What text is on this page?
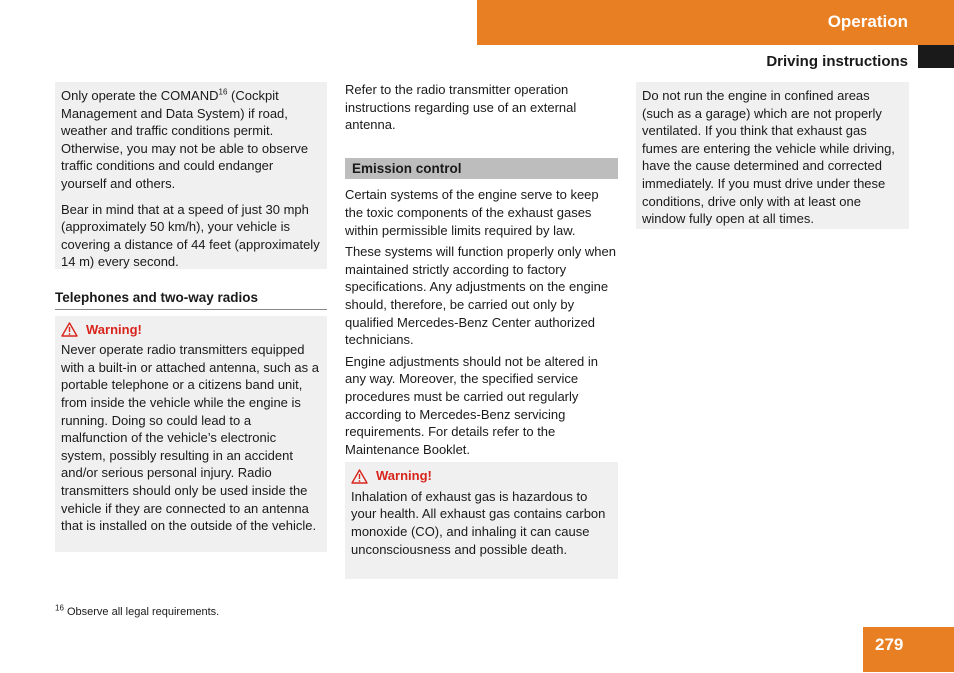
Operation
Driving instructions

Only operate the COMAND$^{16}$ (Cockpit Management and Data System) if road, weather and traffic conditions permit. Otherwise, you may not be able to observe traffic conditions and could endanger yourself and others.

Bear in mind that at a speed of just 30 mph (approximately 50 km/h), your vehicle is covering a distance of 44 feet (approximately 14 m) every second.

Telephones and two-way radios
Warning!

Never operate radio transmitters equipped with a built-in or attached antenna, such as a portable telephone or a citizens band unit, from inside the vehicle while the engine is running. Doing so could lead to a malfunction of the vehicle’s electronic system, possibly resulting in an accident and/or serious personal injury. Radio transmitters should only be used inside the vehicle if they are connected to an antenna that is installed on the outside of the vehicle.

Refer to the radio transmitter operation instructions regarding use of an external antenna.

Emission control

Certain systems of the engine serve to keep the toxic components of the exhaust gases within permissible limits required by law.

These systems will function properly only when maintained strictly according to factory specifications. Any adjustments on the engine should, therefore, be carried out only by qualified Mercedes-Benz Center authorized technicians.

Engine adjustments should not be altered in any way. Moreover, the specified service procedures must be carried out regularly according to Mercedes-Benz servicing requirements. For details refer to the Maintenance Booklet.

Warning!

Inhalation of exhaust gas is hazardous to your health. All exhaust gas contains carbon monoxide (CO), and inhaling it can cause unconsciousness and possible death.

Do not run the engine in confined areas (such as a garage) which are not properly ventilated. If you think that exhaust gas fumes are entering the vehicle while driving, have the cause determined and corrected immediately. If you must drive under these conditions, drive only with at least one window fully open at all times.

$^{16}$ Observe all legal requirements.
279
